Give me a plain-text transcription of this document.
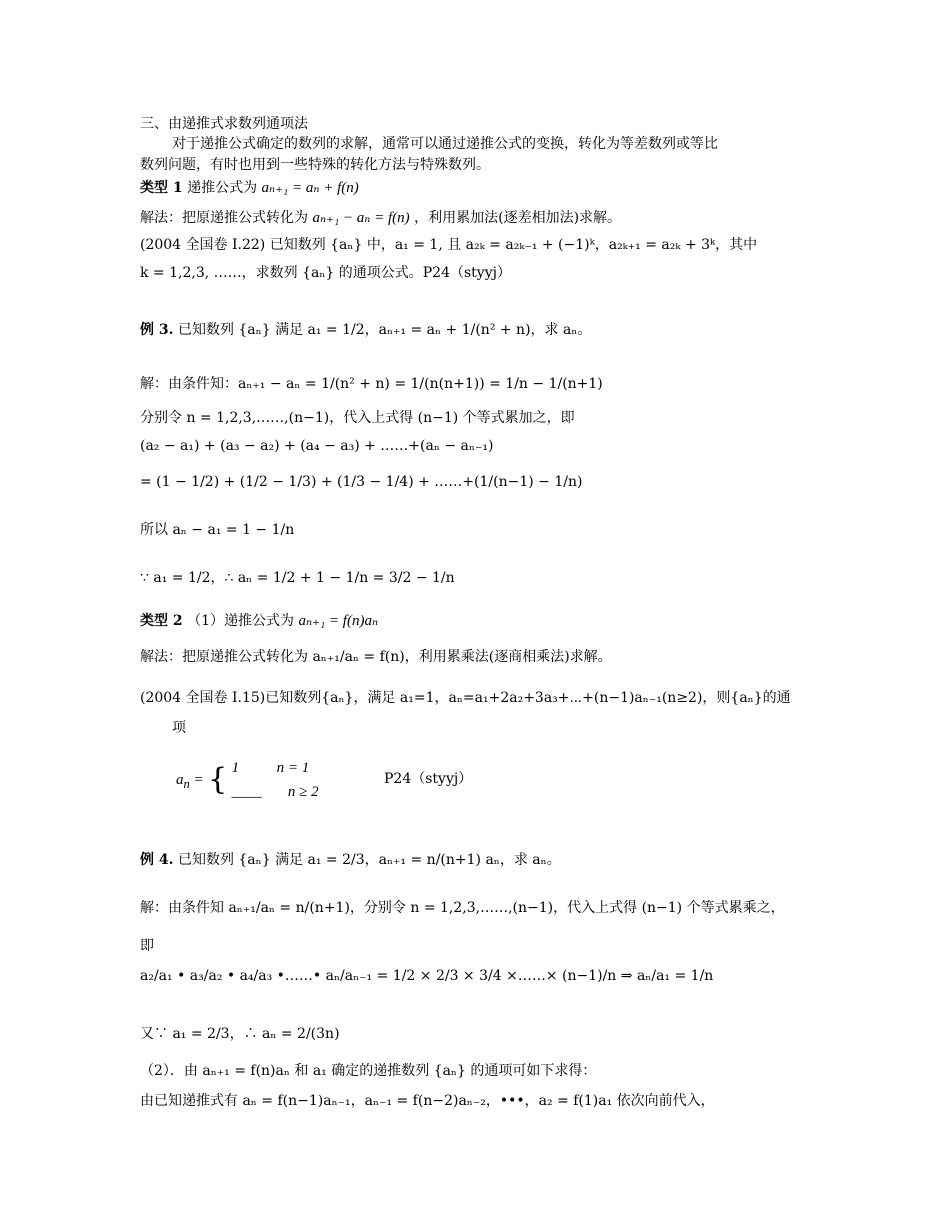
三、由递推式求数列通项法
对于递推公式确定的数列的求解，通常可以通过递推公式的变换，转化为等差数列或等比
数列问题，有时也用到一些特殊的转化方法与特殊数列。
类型 1 递推公式为 aₙ₊₁ = aₙ + f(n)
解法：把原递推公式转化为 aₙ₊₁ − aₙ = f(n) ，利用累加法(逐差相加法)求解。
(2004 全国卷 I.22) 已知数列 {aₙ} 中，a₁ = 1, 且 a₂ₖ = a₂ₖ₋₁ + (−1)ᵏ，a₂ₖ₊₁ = a₂ₖ + 3ᵏ，其中
k = 1,2,3, ……，求数列 {aₙ} 的通项公式。P24（styyj）
例 3. 已知数列 {aₙ} 满足 a₁ = 1/2，aₙ₊₁ = aₙ + 1/(n² + n)，求 aₙ。
解：由条件知：aₙ₊₁ − aₙ = 1/(n² + n) = 1/(n(n+1)) = 1/n − 1/(n+1)
分别令 n = 1,2,3,……,(n−1)，代入上式得 (n−1) 个等式累加之，即
(a₂ − a₁) + (a₃ − a₂) + (a₄ − a₃) + ……+(aₙ − aₙ₋₁)
= (1 − 1/2) + (1/2 − 1/3) + (1/3 − 1/4) + ……+(1/(n−1) − 1/n)
所以 aₙ − a₁ = 1 − 1/n
∵ a₁ = 1/2，∴ aₙ = 1/2 + 1 − 1/n = 3/2 − 1/n
类型 2 （1）递推公式为 aₙ₊₁ = f(n)aₙ
解法：把原递推公式转化为 aₙ₊₁/aₙ = f(n)，利用累乘法(逐商相乘法)求解。
(2004 全国卷 I.15)已知数列{aₙ}，满足 a₁=1，aₙ=a₁+2a₂+3a₃+⋯+(n−1)aₙ₋₁(n≥2)，则{aₙ}的通
项
$a_n$ = { 1          n = 1
____       n ≥ 2
P24（styyj）
例 4. 已知数列 {aₙ} 满足 a₁ = 2/3，aₙ₊₁ = n/(n+1) aₙ，求 aₙ。
解：由条件知 aₙ₊₁/aₙ = n/(n+1)，分别令 n = 1,2,3,……,(n−1)，代入上式得 (n−1) 个等式累乘之，
即
a₂/a₁ • a₃/a₂ • a₄/a₃ •……• aₙ/aₙ₋₁ = 1/2 × 2/3 × 3/4 ×……× (n−1)/n ⇒ aₙ/a₁ = 1/n
又∵ a₁ = 2/3，∴ aₙ = 2/(3n)
（2）．由 aₙ₊₁ = f(n)aₙ 和 a₁ 确定的递推数列 {aₙ} 的通项可如下求得：
由已知递推式有 aₙ = f(n−1)aₙ₋₁，aₙ₋₁ = f(n−2)aₙ₋₂，•••，a₂ = f(1)a₁ 依次向前代入，
